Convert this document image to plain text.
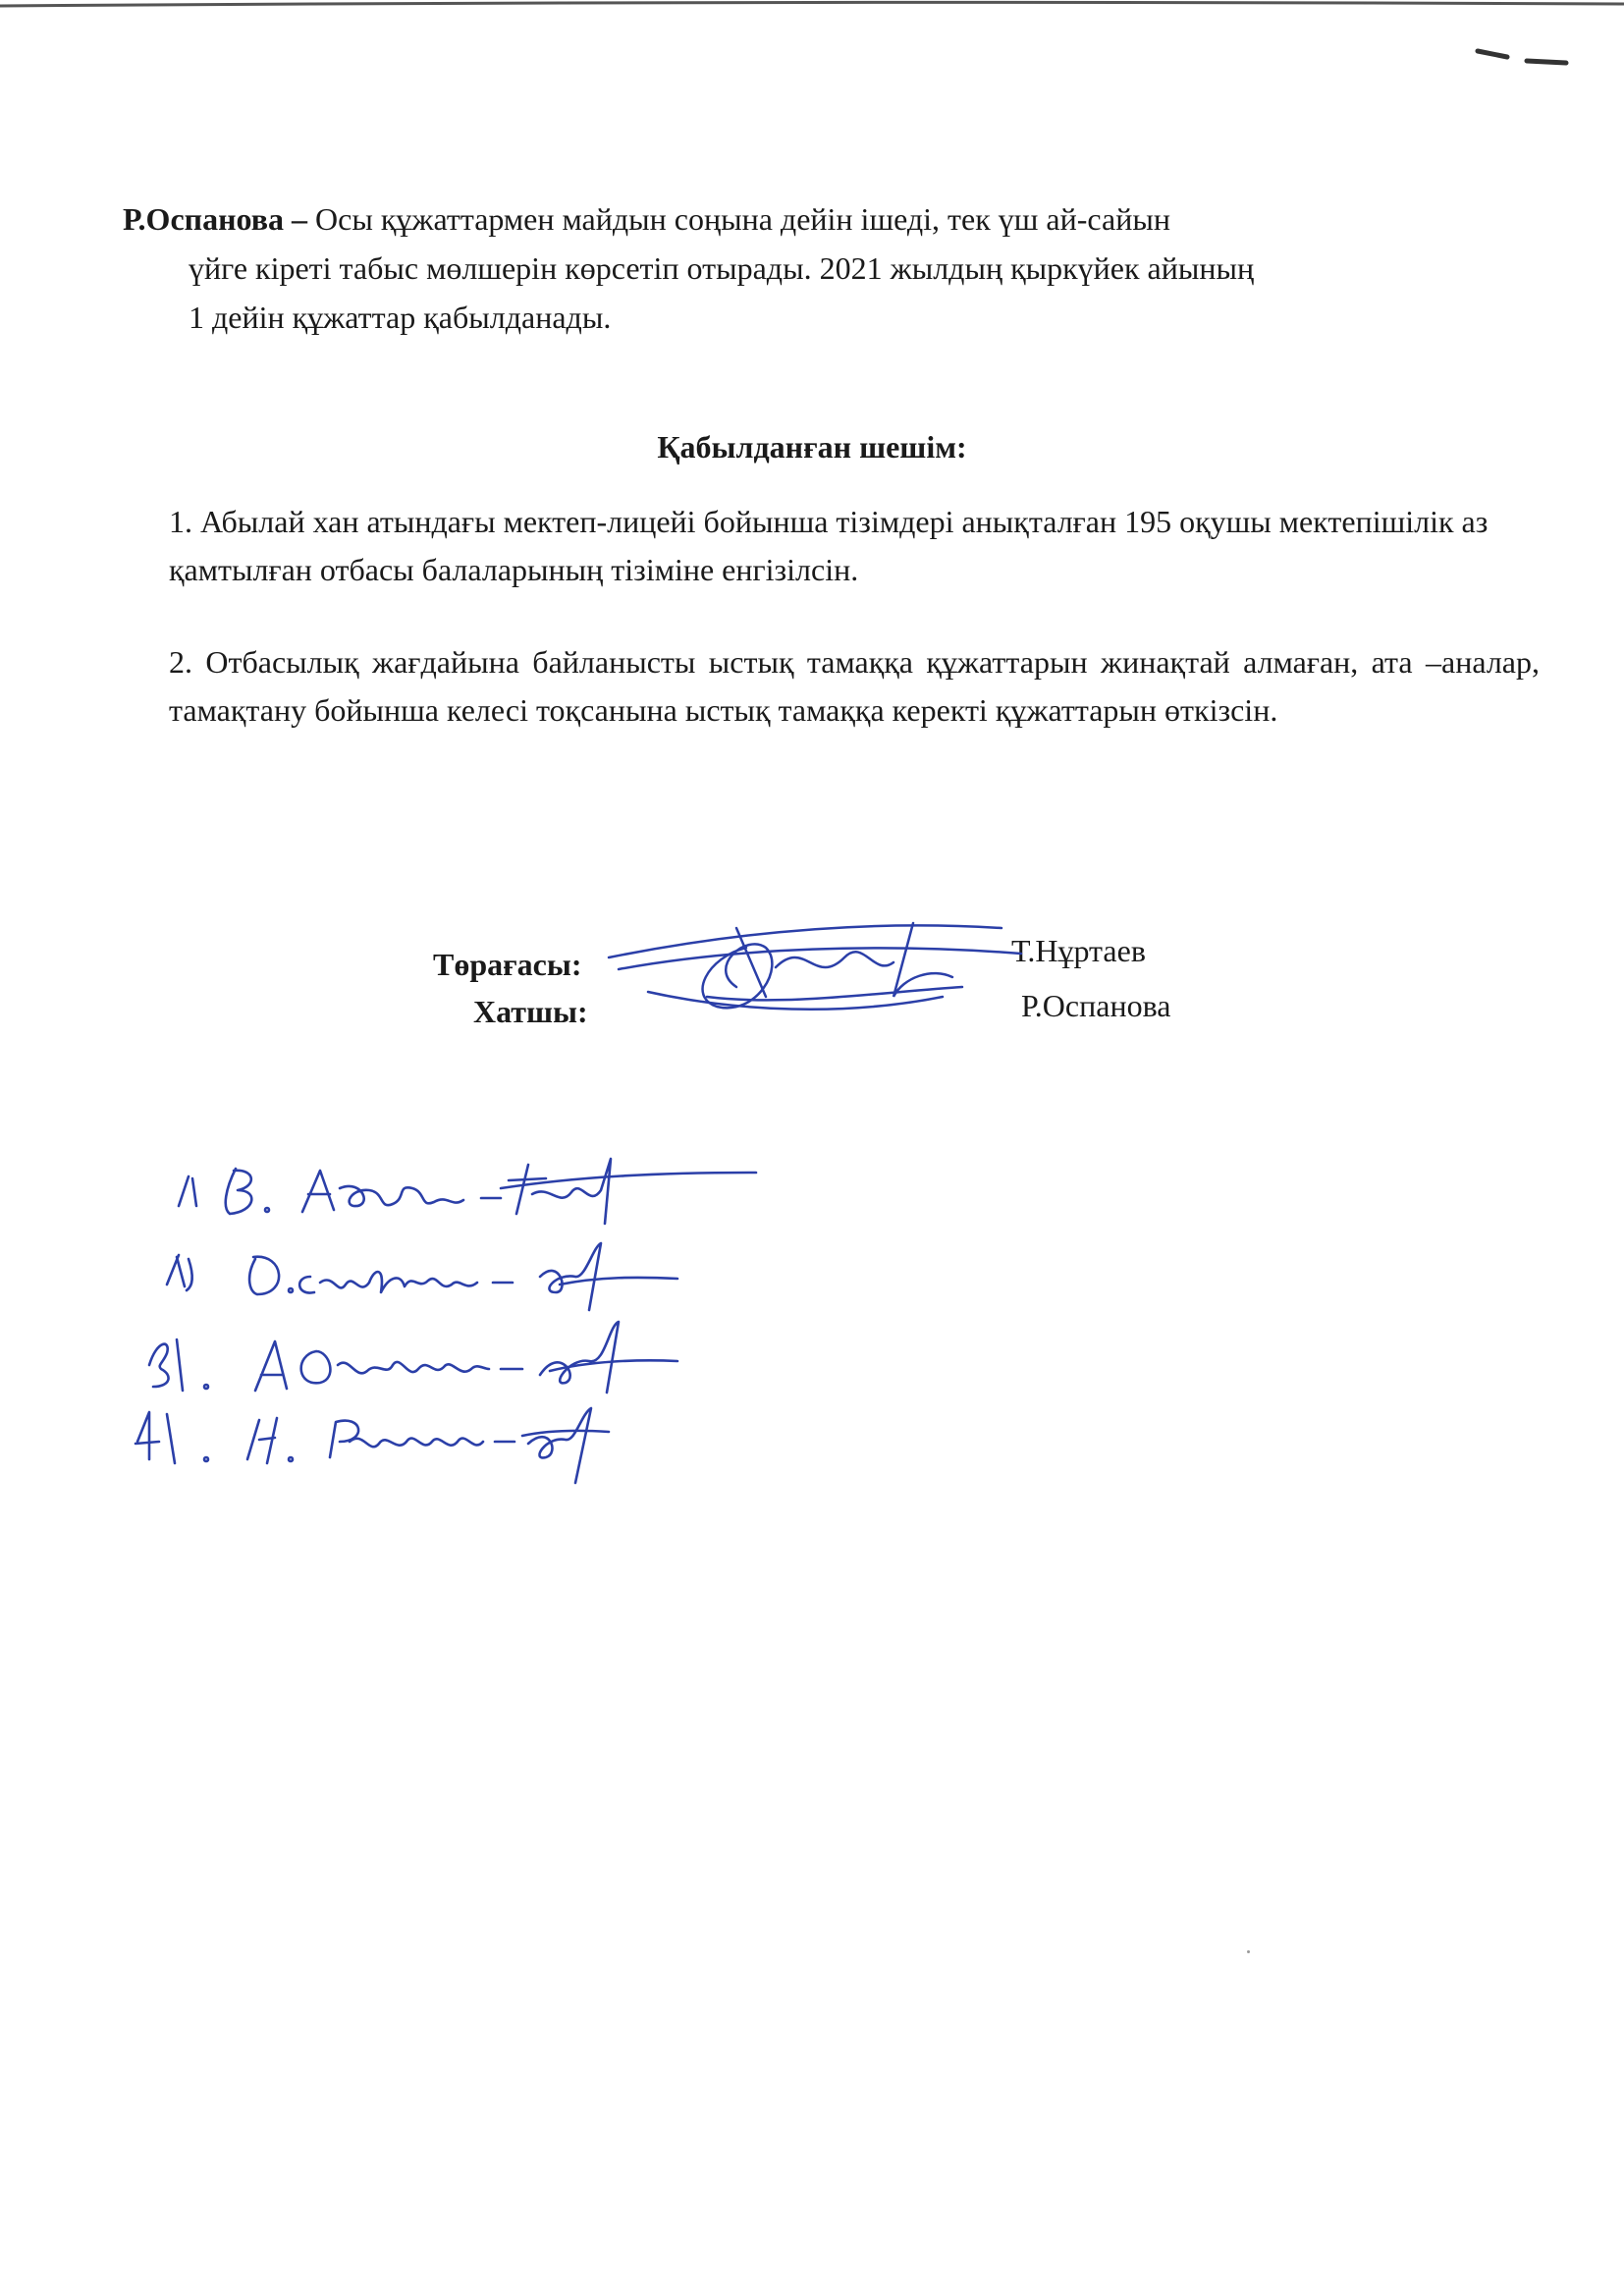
Р.Оспанова – Осы құжаттармен майдын соңына дейін ішеді, тек үш ай-сайын
үйге кіреті табыс мөлшерін көрсетіп отырады. 2021 жылдың қыркүйек айының
1 дейін құжаттар қабылданады.
Қабылданған шешім:
1. Абылай хан атындағы мектеп-лицейі бойынша тізімдері анықталған 195 оқушы мектепішілік аз қамтылған отбасы балаларының тізіміне енгізілсін.
2. Отбасылық жағдайына байланысты ыстық тамаққа құжаттарын жинақтай алмаған, ата –аналар, тамақтану бойынша келесі тоқсанына ыстық тамаққа керекті құжаттарын өткізсін.
Төрағасы:	Т.Нұртаев
Хатшы:	Р.Оспанова
